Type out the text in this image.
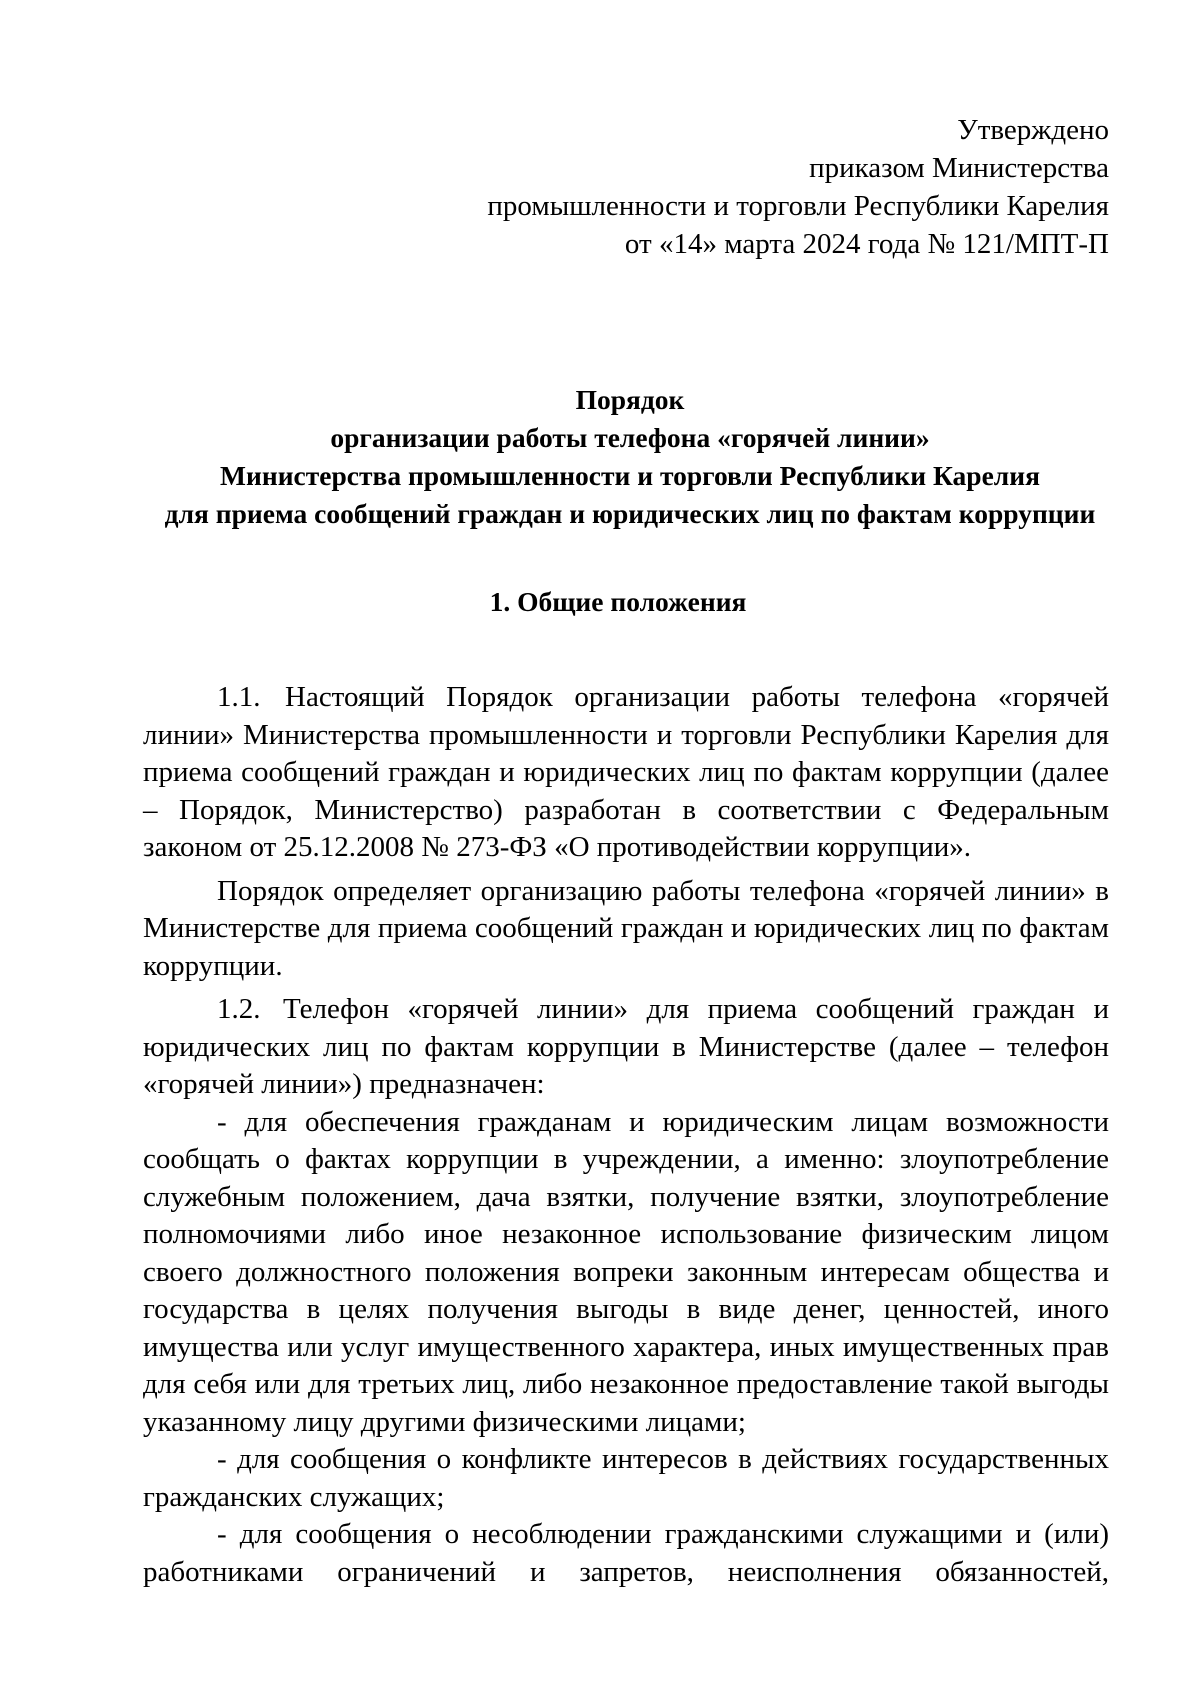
Утверждено
приказом Министерства
промышленности и торговли Республики Карелия
от «14» марта 2024 года № 121/МПТ-П
Порядок
организации работы телефона «горячей линии»
Министерства промышленности и торговли Республики Карелия
для приема сообщений граждан и юридических лиц по фактам коррупции
1. Общие положения

1.1. Настоящий Порядок организации работы телефона «горячей линии» Министерства промышленности и торговли Республики Карелия для приема сообщений граждан и юридических лиц по фактам коррупции (далее – Порядок, Министерство) разработан в соответствии с Федеральным законом от 25.12.2008 № 273-ФЗ «О противодействии коррупции».

Порядок определяет организацию работы телефона «горячей линии» в Министерстве для приема сообщений граждан и юридических лиц по фактам коррупции.

1.2. Телефон «горячей линии» для приема сообщений граждан и юридических лиц по фактам коррупции в Министерстве (далее – телефон «горячей линии») предназначен:

- для обеспечения гражданам и юридическим лицам возможности сообщать о фактах коррупции в учреждении, а именно: злоупотребление служебным положением, дача взятки, получение взятки, злоупотребление полномочиями либо иное незаконное использование физическим лицом своего должностного положения вопреки законным интересам общества и государства в целях получения выгоды в виде денег, ценностей, иного имущества или услуг имущественного характера, иных имущественных прав для себя или для третьих лиц, либо незаконное предоставление такой выгоды указанному лицу другими физическими лицами;

- для сообщения о конфликте интересов в действиях государственных гражданских служащих;

- для сообщения о несоблюдении гражданскими служащими и (или) работниками ограничений и запретов, неисполнения обязанностей,
